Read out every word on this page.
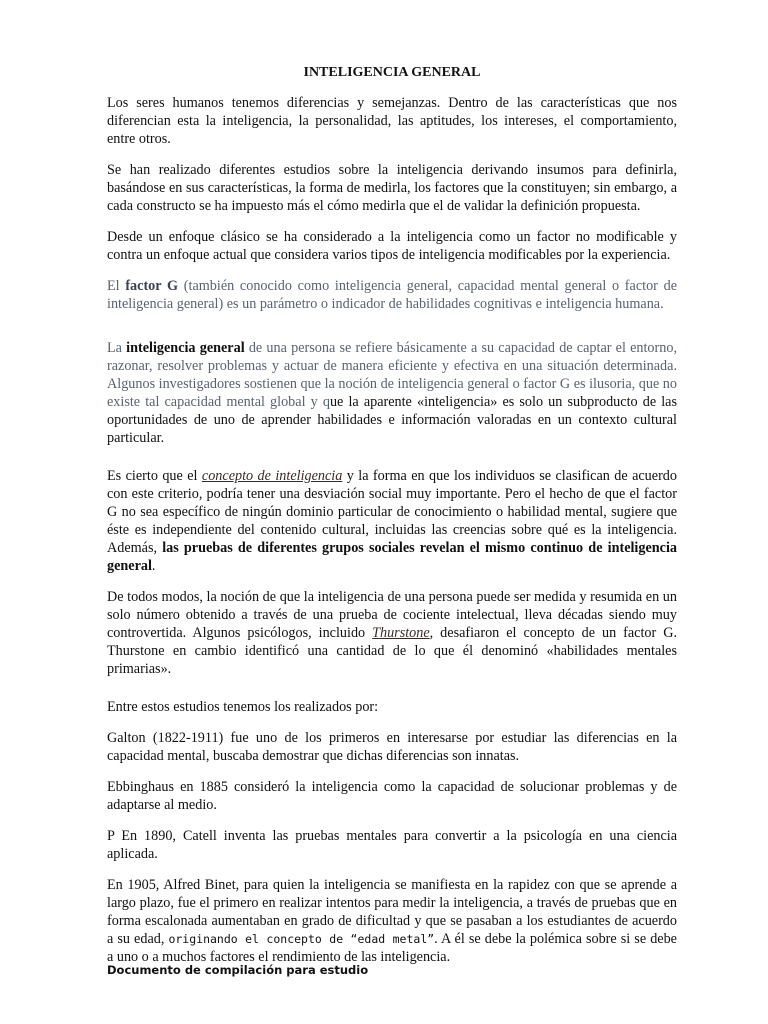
INTELIGENCIA GENERAL

Los seres humanos tenemos diferencias y semejanzas. Dentro de las características que nos diferencian esta la inteligencia, la personalidad, las aptitudes, los intereses, el comportamiento, entre otros.

Se han realizado diferentes estudios sobre la inteligencia derivando insumos para definirla, basándose en sus características, la forma de medirla, los factores que la constituyen; sin embargo, a cada constructo se ha impuesto más el cómo medirla que el de validar la definición propuesta.

Desde un enfoque clásico se ha considerado a la inteligencia como un factor no modificable y contra un enfoque actual que considera varios tipos de inteligencia modificables por la experiencia.

El factor G (también conocido como inteligencia general, capacidad mental general o factor de inteligencia general) es un parámetro o indicador de habilidades cognitivas e inteligencia humana.

La inteligencia general de una persona se refiere básicamente a su capacidad de captar el entorno, razonar, resolver problemas y actuar de manera eficiente y efectiva en una situación determinada. Algunos investigadores sostienen que la noción de inteligencia general o factor G es ilusoria, que no existe tal capacidad mental global y que la aparente «inteligencia» es solo un subproducto de las oportunidades de uno de aprender habilidades e información valoradas en un contexto cultural particular.

Es cierto que el concepto de inteligencia y la forma en que los individuos se clasifican de acuerdo con este criterio, podría tener una desviación social muy importante. Pero el hecho de que el factor G no sea específico de ningún dominio particular de conocimiento o habilidad mental, sugiere que éste es independiente del contenido cultural, incluidas las creencias sobre qué es la inteligencia. Además, las pruebas de diferentes grupos sociales revelan el mismo continuo de inteligencia general.

De todos modos, la noción de que la inteligencia de una persona puede ser medida y resumida en un solo número obtenido a través de una prueba de cociente intelectual, lleva décadas siendo muy controvertida. Algunos psicólogos, incluido Thurstone, desafiaron el concepto de un factor G. Thurstone en cambio identificó una cantidad de lo que él denominó «habilidades mentales primarias».

Entre estos estudios tenemos los realizados por:

Galton (1822-1911) fue uno de los primeros en interesarse por estudiar las diferencias en la capacidad mental, buscaba demostrar que dichas diferencias son innatas.

Ebbinghaus en 1885 consideró la inteligencia como la capacidad de solucionar problemas y de adaptarse al medio.

P En 1890, Catell inventa las pruebas mentales para convertir a la psicología en una ciencia aplicada.

En 1905, Alfred Binet, para quien la inteligencia se manifiesta en la rapidez con que se aprende a largo plazo, fue el primero en realizar intentos para medir la inteligencia, a través de pruebas que en forma escalonada aumentaban en grado de dificultad y que se pasaban a los estudiantes de acuerdo a su edad, originando el concepto de “edad metal”. A él se debe la polémica sobre si se debe a uno o a muchos factores el rendimiento de las inteligencia.

Documento de compilación para estudio
